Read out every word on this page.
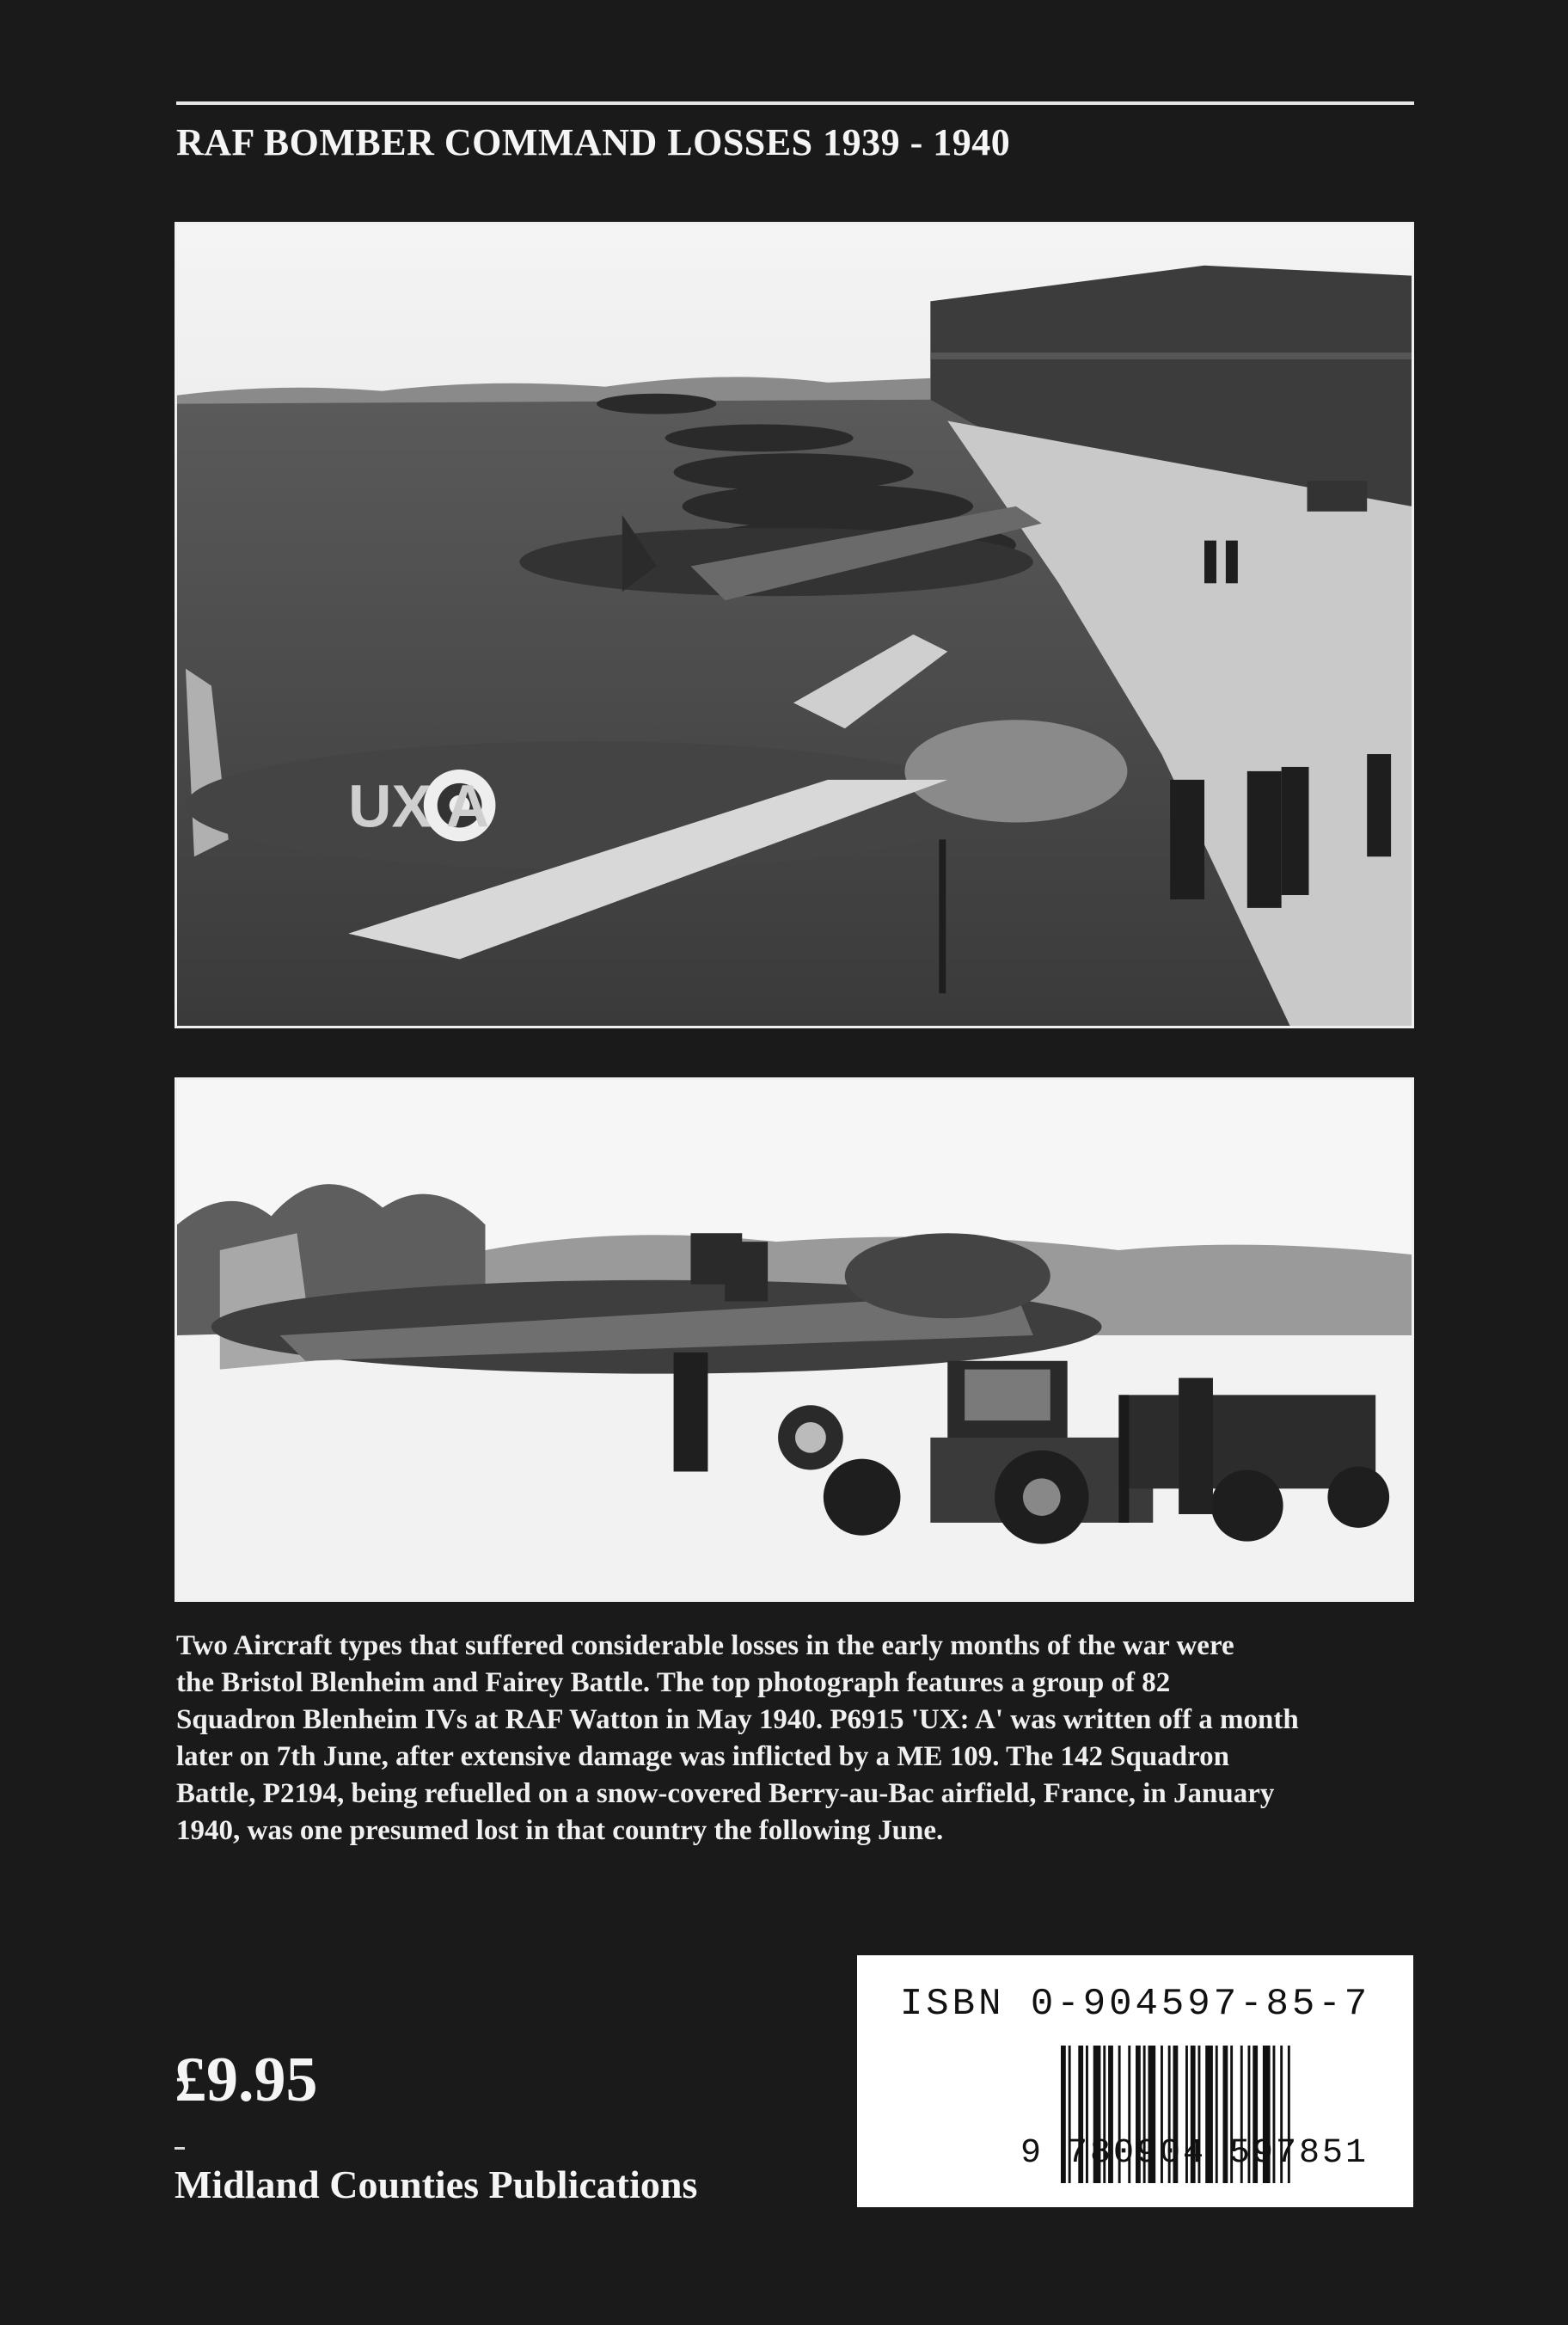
RAF BOMBER COMMAND LOSSES 1939 - 1940
UX A
Two Aircraft types that suffered considerable losses in the early months of the war were
the Bristol Blenheim and Fairey Battle. The top photograph features a group of 82
Squadron Blenheim IVs at RAF Watton in May 1940. P6915 'UX: A' was written off a month
later on 7th June, after extensive damage was inflicted by a ME 109. The 142 Squadron
Battle, P2194, being refuelled on a snow-covered Berry-au-Bac airfield, France, in January
1940, was one presumed lost in that country the following June.
£9.95
Midland Counties Publications
ISBN 0-904597-85-7
9 780904 597851
